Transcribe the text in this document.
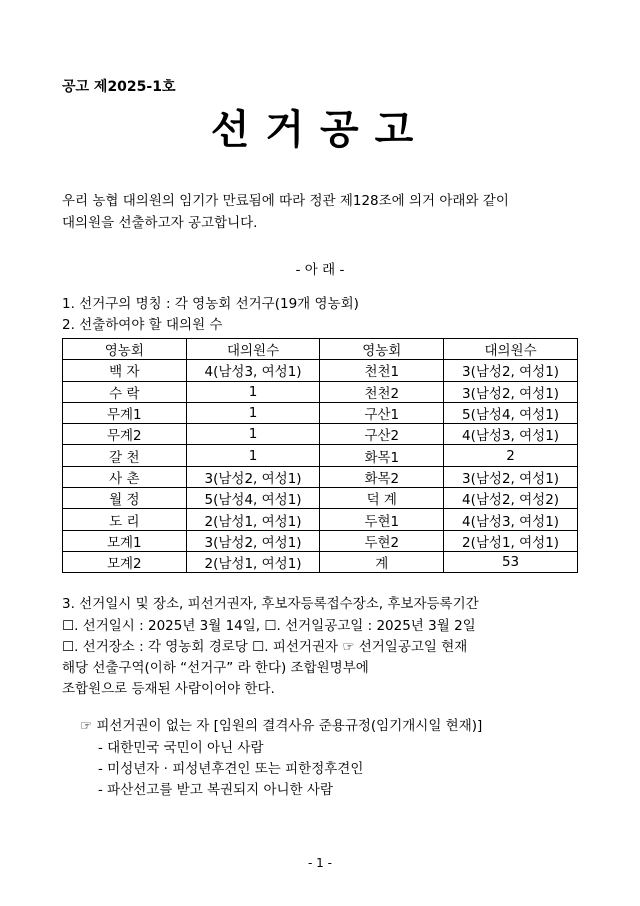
공고 제2025-1호
선거공고
우리 농협 대의원의 임기가 만료됨에 따라 정관 제128조에 의거 아래와 같이
대의원을 선출하고자 공고합니다.
- 아 래 -
1. 선거구의 명칭 : 각 영농회 선거구(19개 영농회)
2. 선출하여야 할 대의원 수
영농회	대의원수	영농회	대의원수
백 자	4(남성3, 여성1)	천천1	3(남성2, 여성1)
수 락	1	천천2	3(남성2, 여성1)
무계1	1	구산1	5(남성4, 여성1)
무계2	1	구산2	4(남성3, 여성1)
갈 천	1	화목1	2
사 촌	3(남성2, 여성1)	화목2	3(남성2, 여성1)
월 정	5(남성4, 여성1)	덕 계	4(남성2, 여성2)
도 리	2(남성1, 여성1)	두현1	4(남성3, 여성1)
모계1	3(남성2, 여성1)	두현2	2(남성1, 여성1)
모계2	2(남성1, 여성1)	계	53
3. 선거일시 및 장소, 피선거권자, 후보자등록접수장소, 후보자등록기간
☐. 선거일시 : 2025년 3월 14일, ☐. 선거일공고일 : 2025년 3월 2일
☐. 선거장소 : 각 영농회 경로당 ☐. 피선거권자 ☞ 선거일공고일 현재
해당 선출구역(이하 “선거구” 라 한다) 조합원명부에
조합원으로 등재된 사람이어야 한다.
☞ 피선거권이 없는 자 [임원의 결격사유 준용규정(임기개시일 현재)]
- 대한민국 국민이 아닌 사람
- 미성년자 · 피성년후견인 또는 피한정후견인
- 파산선고를 받고 복권되지 아니한 사람
- 1 -
